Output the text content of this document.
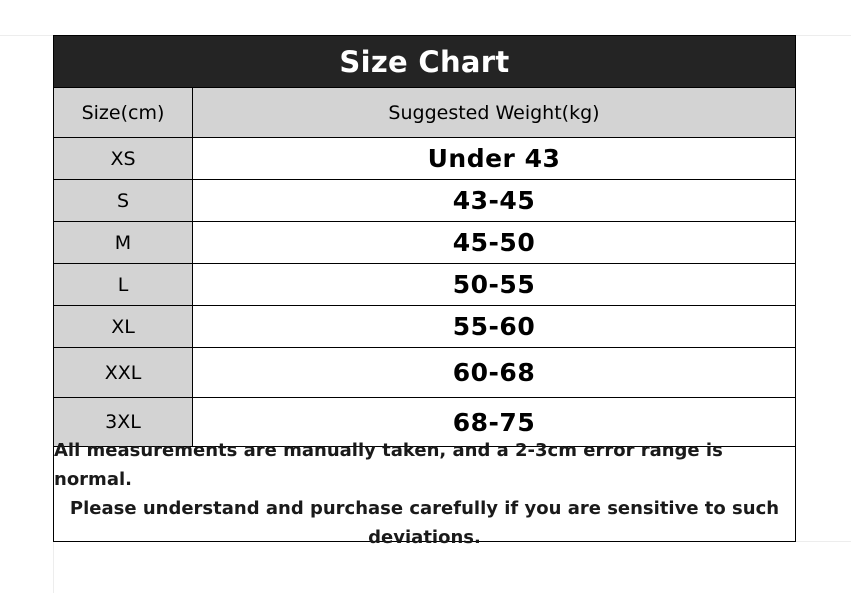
Size Chart
Size(cm)	Suggested Weight(kg)
XS	Under 43
S	43-45
M	45-50
L	50-55
XL	55-60
XXL	60-68
3XL	68-75
All measurements are manually taken, and a 2-3cm error range is normal.
Please understand and purchase carefully if you are sensitive to such
deviations.
